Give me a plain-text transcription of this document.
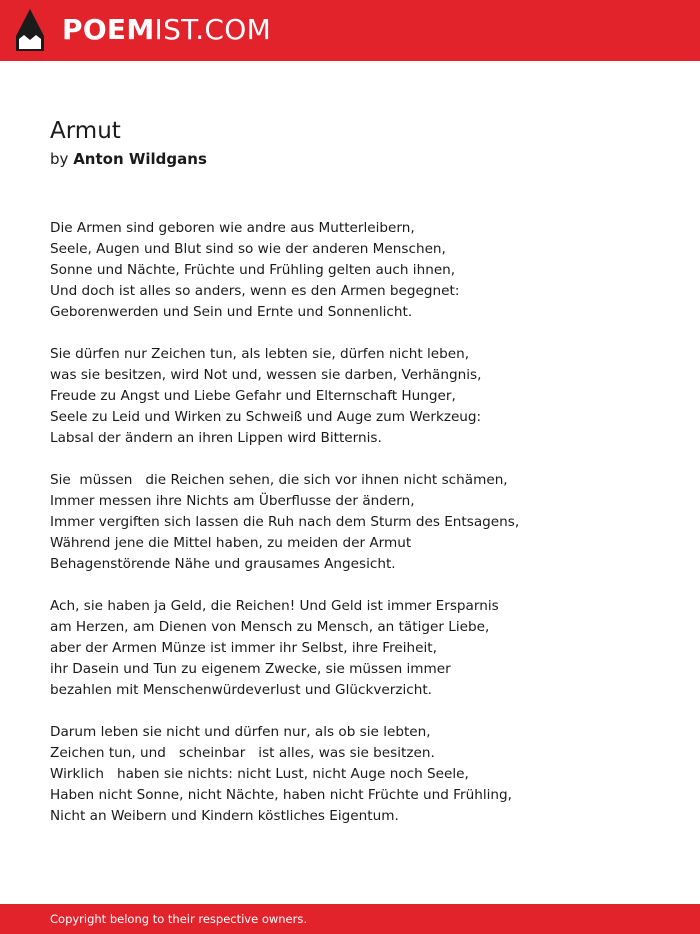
POEMIST.COM
Armut
by Anton Wildgans
Die Armen sind geboren wie andre aus Mutterleibern,
Seele, Augen und Blut sind so wie der anderen Menschen,
Sonne und Nächte, Früchte und Frühling gelten auch ihnen,
Und doch ist alles so anders, wenn es den Armen begegnet:
Geborenwerden und Sein und Ernte und Sonnenlicht.
Sie dürfen nur Zeichen tun, als lebten sie, dürfen nicht leben,
was sie besitzen, wird Not und, wessen sie darben, Verhängnis,
Freude zu Angst und Liebe Gefahr und Elternschaft Hunger,
Seele zu Leid und Wirken zu Schweiß und Auge zum Werkzeug:
Labsal der ändern an ihren Lippen wird Bitternis.
Sie  müssen   die Reichen sehen, die sich vor ihnen nicht schämen,
Immer messen ihre Nichts am Überflusse der ändern,
Immer vergiften sich lassen die Ruh nach dem Sturm des Entsagens,
Während jene die Mittel haben, zu meiden der Armut
Behagenstörende Nähe und grausames Angesicht.
Ach, sie haben ja Geld, die Reichen! Und Geld ist immer Ersparnis
am Herzen, am Dienen von Mensch zu Mensch, an tätiger Liebe,
aber der Armen Münze ist immer ihr Selbst, ihre Freiheit,
ihr Dasein und Tun zu eigenem Zwecke, sie müssen immer
bezahlen mit Menschenwürdeverlust und Glückverzicht.
Darum leben sie nicht und dürfen nur, als ob sie lebten,
Zeichen tun, und   scheinbar   ist alles, was sie besitzen.
Wirklich   haben sie nichts: nicht Lust, nicht Auge noch Seele,
Haben nicht Sonne, nicht Nächte, haben nicht Früchte und Frühling,
Nicht an Weibern und Kindern köstliches Eigentum.
Copyright belong to their respective owners.
